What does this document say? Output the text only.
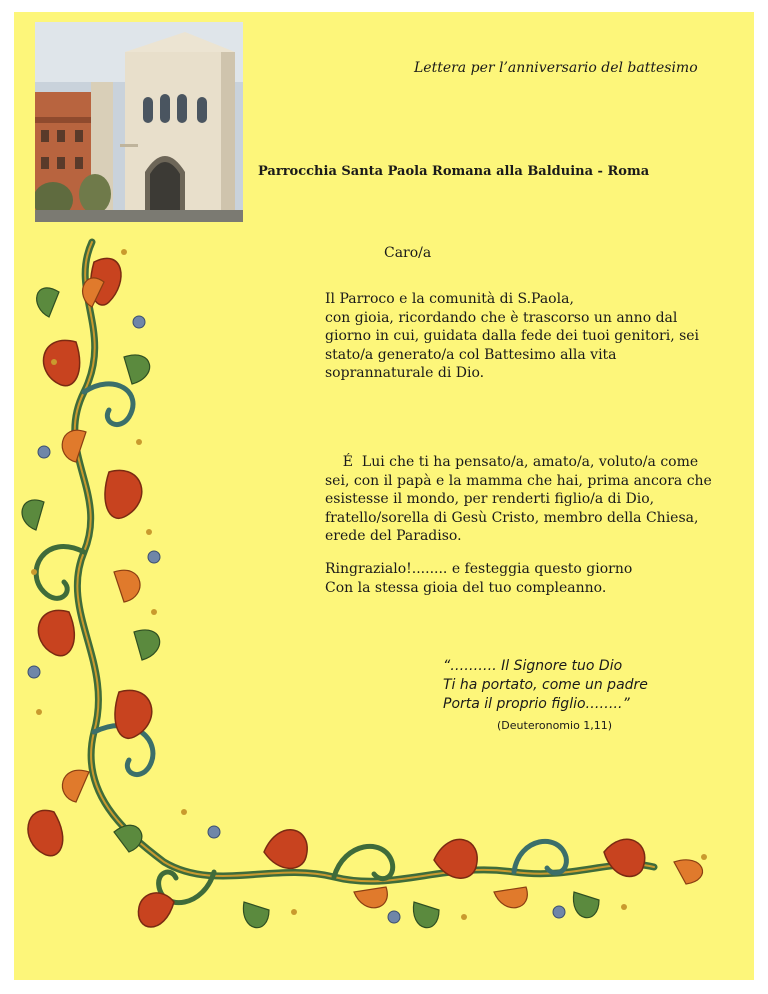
Lettera per l’anniversario del battesimo
Parrocchia Santa Paola Romana alla Balduina - Roma
Caro/a
Il Parroco e la comunità di S.Paola,
con gioia, ricordando che è trascorso un anno dal
giorno in cui, guidata dalla fede dei tuoi genitori, sei
stato/a generato/a col Battesimo alla vita
soprannaturale di Dio.
É  Lui che ti ha pensato/a, amato/a, voluto/a come
sei, con il papà e la mamma che hai, prima ancora che
esistesse il mondo, per renderti figlio/a di Dio,
fratello/sorella di Gesù Cristo, membro della Chiesa,
erede del Paradiso.
Ringrazialo!........ e festeggia questo giorno
Con la stessa gioia del tuo compleanno.
“………. Il Signore tuo Dio
Ti ha portato, come un padre
Porta il proprio figlio……..”
(Deuteronomio 1,11)
